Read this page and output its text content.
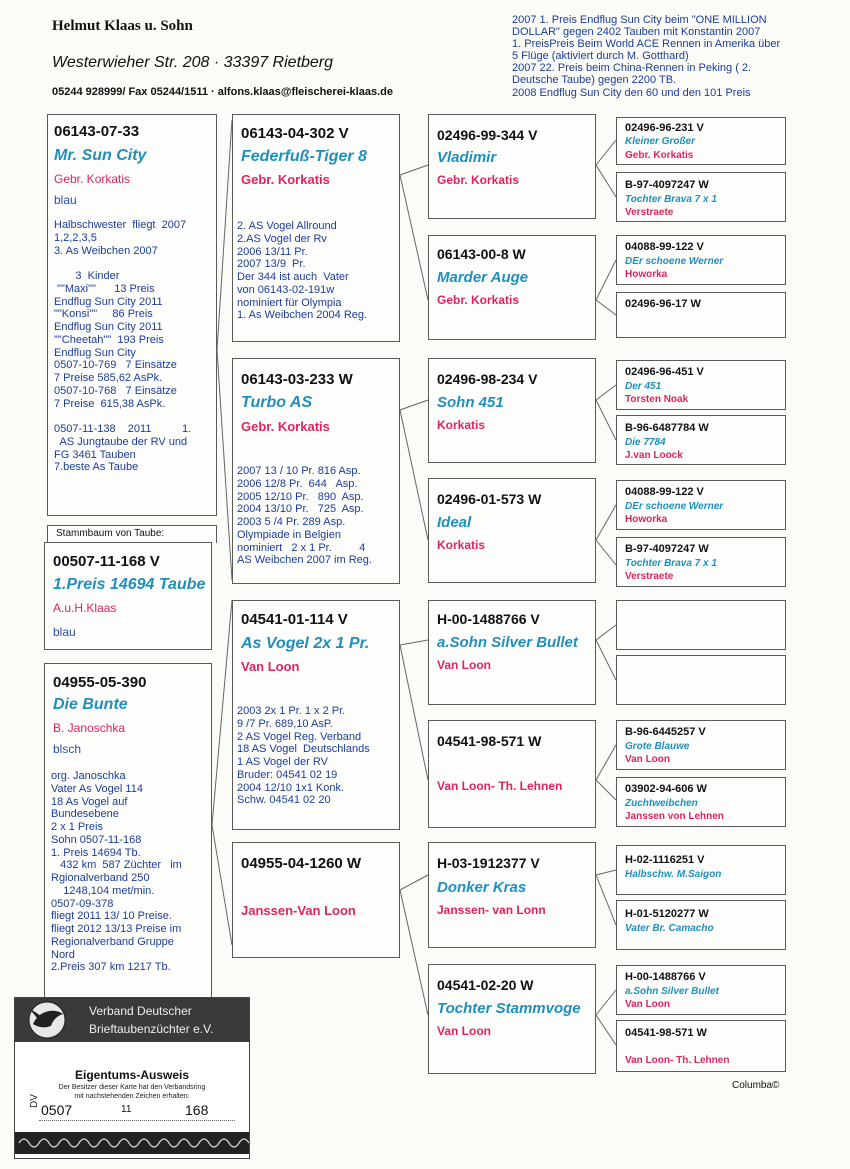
Helmut Klaas u. Sohn
Westerwieher Str. 208 · 33397 Rietberg
05244 928999/ Fax 05244/1511 · alfons.klaas@fleischerei-klaas.de
2007 1. Preis Endflug Sun City beim "ONE MILLION
DOLLAR" gegen 2402 Tauben mit Konstantin 2007
1. PreisPreis Beim World ACE Rennen in Amerika über
5 Flüge (aktiviert durch M. Gotthard)
2007 22. Preis beim China-Rennen in Peking ( 2.
Deutsche Taube) gegen 2200 TB.
2008 Endflug Sun City den 60 und den 101 Preis
06143-07-33
Mr. Sun City
Gebr. Korkatis
blau
Halbschwester  fliegt  2007
1,2,2,3,5
3. As Weibchen 2007

3  Kinder
""Maxi""      13 Preis
Endflug Sun City 2011
""Konsi""     86 Preis
Endflug Sun City 2011
""Cheetah""  193 Preis
Endflug Sun City
0507-10-769   7 Einsätze
7 Preise 585,62 AsPk.
0507-10-768   7 Einsätze
7 Preise  615,38 AsPk.

0507-11-138    2011          1.
AS Jungtaube der RV und
FG 3461 Tauben
7.beste As Taube
Stammbaum von Taube:
00507-11-168 V
1.Preis 14694 Taube
A.u.H.Klaas
blau
04955-05-390
Die Bunte
B. Janoschka
blsch
org. Janoschka
Vater As Vogel 114
18 As Vogel auf
Bundesebene
2 x 1 Preis
Sohn 0507-11-168
1. Preis 14694 Tb.
432 km  587 Züchter   im
Rgionalverband 250
1248,104 met/min.
0507-09-378
fliegt 2011 13/ 10 Preise.
fliegt 2012 13/13 Preise im
Regionalverband Gruppe
Nord
2.Preis 307 km 1217 Tb.
06143-04-302 V
Federfuß-Tiger 8
Gebr. Korkatis
2. AS Vogel Allround
2.AS Vogel der Rv
2006 13/11 Pr.
2007 13/9  Pr.
Der 344 ist auch  Vater
von 06143-02-191w
nominiert für Olympia
1. As Weibchen 2004 Reg.
06143-03-233 W
Turbo AS
Gebr. Korkatis
2007 13 / 10 Pr. 816 Asp.
2006 12/8 Pr.  644   Asp.
2005 12/10 Pr.   890  Asp.
2004 13/10 Pr.   725  Asp.
2003 5 /4 Pr. 289 Asp.
Olympiade in Belgien
nominiert   2 x 1 Pr.         4
AS Weibchen 2007 im Reg.
04541-01-114 V
As Vogel 2x 1 Pr.
Van Loon
2003 2x 1 Pr. 1 x 2 Pr.
9 /7 Pr. 689,10 AsP.
2 AS Vogel Reg. Verband
18 AS Vogel  Deutschlands
1 AS Vogel der RV
Bruder: 04541 02 19
2004 12/10 1x1 Konk.
Schw. 04541 02 20
04955-04-1260 W
Janssen-Van Loon
02496-99-344 V
Vladimir
Gebr. Korkatis
06143-00-8 W
Marder Auge
Gebr. Korkatis
02496-98-234 V
Sohn 451
Korkatis
02496-01-573 W
Ideal
Korkatis
H-00-1488766 V
a.Sohn Silver Bullet
Van Loon
04541-98-571 W
Van Loon- Th. Lehnen
H-03-1912377 V
Donker Kras
Janssen- van Lonn
04541-02-20 W
Tochter Stammvoge
Van Loon
02496-96-231 V
Kleiner Großer
Gebr. Korkatis
B-97-4097247 W
Tochter Brava 7 x 1
Verstraete
04088-99-122 V
DEr schoene Werner
Howorka
02496-96-17 W
02496-96-451 V
Der 451
Torsten Noak
B-96-6487784 W
Die 7784
J.van Loock
04088-99-122 V
DEr schoene Werner
Howorka
B-97-4097247 W
Tochter Brava 7 x 1
Verstraete
B-96-6445257 V
Grote Blauwe
Van Loon
03902-94-606 W
Zuchtweibchen
Janssen von Lehnen
H-02-1116251 V
Halbschw. M.Saigon
H-01-5120277 W
Vater Br. Camacho
H-00-1488766 V
a.Sohn Silver Bullet
Van Loon
04541-98-571 W
Van Loon- Th. Lehnen
Columba©
Verband Deutscher
Brieftaubenzüchter e.V.
Eigentums-Ausweis
Der Besitzer dieser Karte hat den Verbandsring
mit nachstehenden Zeichen erhalten:
DV
0507	11	168
